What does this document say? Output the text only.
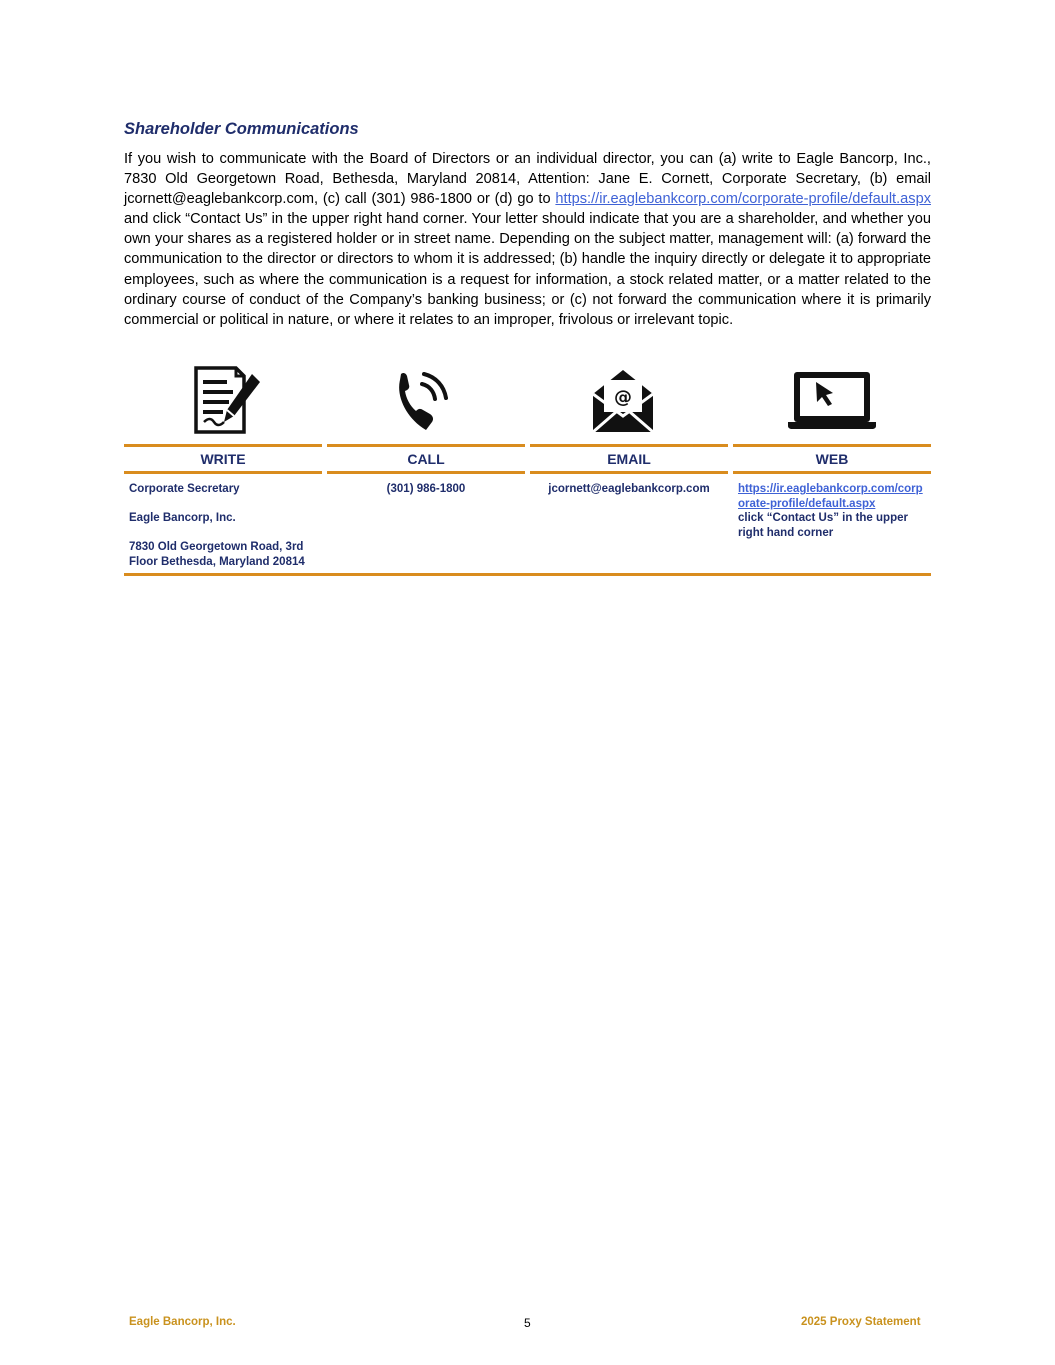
Shareholder Communications

If you wish to communicate with the Board of Directors or an individual director, you can (a) write to Eagle Bancorp, Inc., 7830 Old Georgetown Road, Bethesda, Maryland 20814, Attention: Jane E. Cornett, Corporate Secretary, (b) email jcornett@eaglebankcorp.com, (c) call (301) 986-1800 or (d) go to https://ir.eaglebankcorp.com/corporate-profile/default.aspx and click “Contact Us” in the upper right hand corner. Your letter should indicate that you are a shareholder, and whether you own your shares as a registered holder or in street name. Depending on the subject matter, management will: (a) forward the communication to the director or directors to whom it is addressed; (b) handle the inquiry directly or delegate it to appropriate employees, such as where the communication is a request for information, a stock related matter, or a matter related to the ordinary course of conduct of the Company’s banking business; or (c) not forward the communication where it is primarily commercial or political in nature, or where it relates to an improper, frivolous or irrelevant topic.

@
WRITE

Corporate Secretary

Eagle Bancorp, Inc.

7830 Old Georgetown Road, 3rd Floor Bethesda, Maryland 20814

CALL

(301) 986-1800

EMAIL

jcornett@eaglebankcorp.com

WEB
https://ir.eaglebankcorp.com/corporate-profile/default.aspx
click “Contact Us” in the upper right hand corner
Eagle Bancorp, Inc.	5	2025 Proxy Statement
